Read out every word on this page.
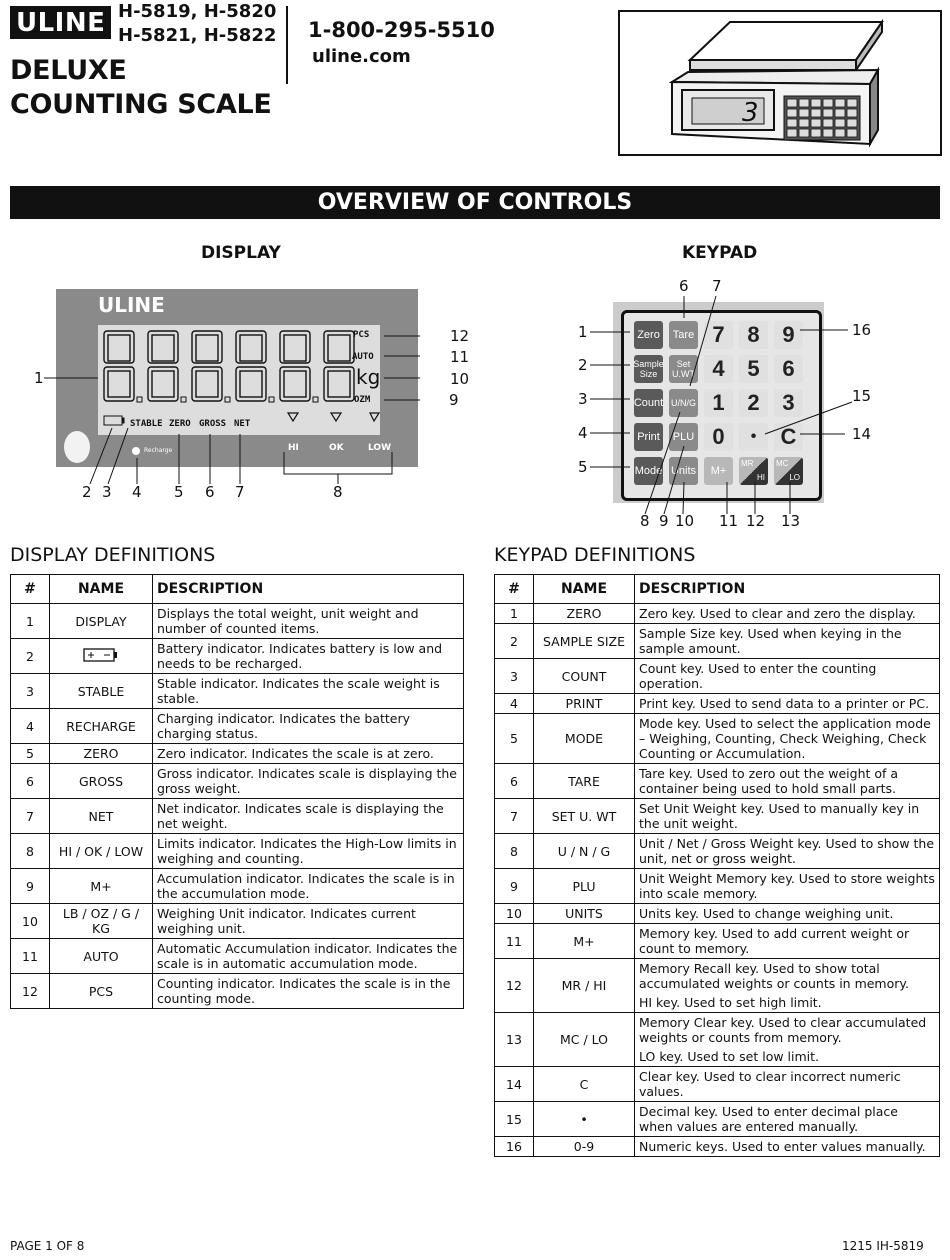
ULINE H-5819, H-5820
H-5821, H-5822
DELUXE
COUNTING SCALE
1-800-295-5510
uline.com
3
OVERVIEW OF CONTROLS
DISPLAY
ULINE
PCS
AUTO
kg
OZM
STABLE ZERO GROSS NET
HI	OK	LOW
Recharge
1
2 3 4 5 6 7	8
9
10
11
12
KEYPAD
Zero	Tare
Sample
Size
Set
U.WT
Count U/N/G
Print	PLU
Mode Units
7	8	9
4	5	6
1	2	3
0	•	C
M+
MR
HI
MC
LO
1
2
3
4
5
6 7
8 9 10 11 12 13
14
15
16
DISPLAY DEFINITIONS
#	NAME	DESCRIPTION
1	DISPLAY	Displays the total weight, unit weight and number of counted items.

2		Battery indicator. Indicates battery is low and needs to be recharged.

3	STABLE	Stable indicator. Indicates the scale weight is stable.

4	RECHARGE	Charging indicator. Indicates the battery charging status.

5	ZERO	Zero indicator. Indicates the scale is at zero.

6	GROSS	Gross indicator. Indicates scale is displaying the gross weight.

7	NET	Net indicator. Indicates scale is displaying the net weight.

8	HI / OK / LOW	Limits indicator. Indicates the High-Low limits in weighing and counting.

9	M+	Accumulation indicator. Indicates the scale is in the accumulation mode.

10	LB / OZ / G / KG	Weighing Unit indicator. Indicates current weighing unit.

11	AUTO	Automatic Accumulation indicator. Indicates the scale is in automatic accumulation mode.

12	PCS	Counting indicator. Indicates the scale is in the counting mode.
KEYPAD DEFINITIONS
#	NAME	DESCRIPTION
1	ZERO	Zero key. Used to clear and zero the display.

2	SAMPLE SIZE	Sample Size key. Used when keying in the sample amount.

3	COUNT	Count key. Used to enter the counting operation.

4	PRINT	Print key. Used to send data to a printer or PC.

5	MODE	Mode key. Used to select the application mode – Weighing, Counting, Check Weighing, Check Counting or Accumulation.

6	TARE	Tare key. Used to zero out the weight of a container being used to hold small parts.

7	SET U. WT	Set Unit Weight key. Used to manually key in the unit weight.

8	U / N / G	Unit / Net / Gross Weight key. Used to show the unit, net or gross weight.

9	PLU	Unit Weight Memory key. Used to store weights into scale memory.

10	UNITS	Units key. Used to change weighing unit.

11	M+	Memory key. Used to add current weight or count to memory.

12	MR / HI	Memory Recall key. Used to show total accumulated weights or counts in memory.
HI key. Used to set high limit.

13	MC / LO	Memory Clear key. Used to clear accumulated weights or counts from memory.
LO key. Used to set low limit.

14	C	Clear key. Used to clear incorrect numeric values.

15	•	Decimal key. Used to enter decimal place when values are entered manually.

16	0-9	Numeric keys. Used to enter values manually.
PAGE 1 OF 8	1215 IH-5819
